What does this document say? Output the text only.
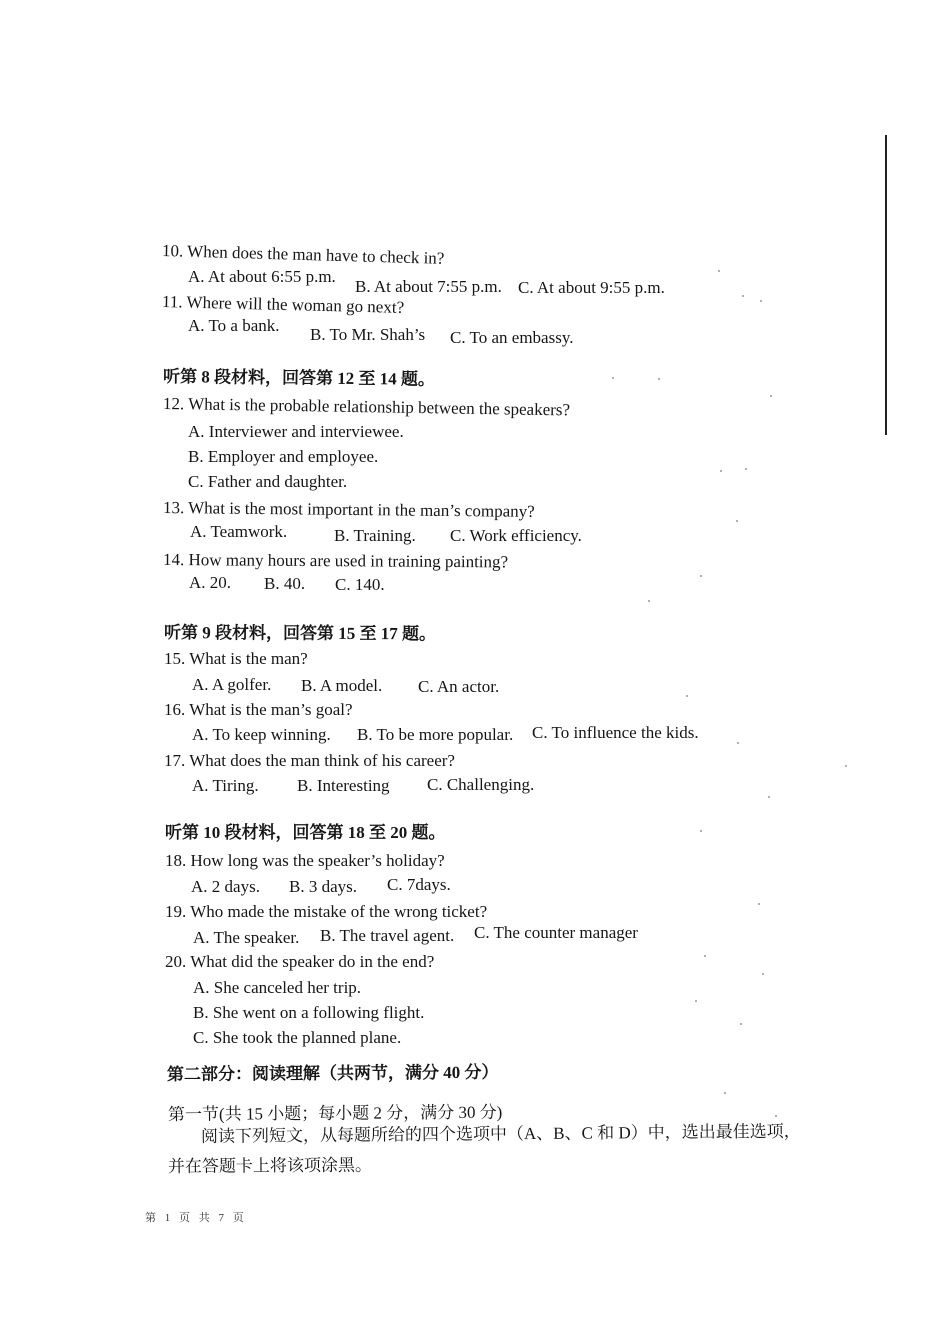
10. When does the man have to check in?
A. At about 6:55 p.m.
B. At about 7:55 p.m. C. At about 9:55 p.m.
11. Where will the woman go next?
A. To a bank. B. To Mr. Shah’s C. To an embassy.
听第 8 段材料，回答第 12 至 14 题。
12. What is the probable relationship between the speakers?
A. Interviewer and interviewee.
B. Employer and employee.
C. Father and daughter.
13. What is the most important in the man’s company?
A. Teamwork.	B. Training. C. Work efficiency.
14. How many hours are used in training painting?
A. 20. B. 40. C. 140.
听第 9 段材料，回答第 15 至 17 题。
15. What is the man?
A. A golfer. B. A model. C. An actor.
16. What is the man’s goal?
A. To keep winning. B. To be more popular. C. To influence the kids.
17. What does the man think of his career?
A. Tiring. B. Interesting C. Challenging.
听第 10 段材料，回答第 18 至 20 题。
18. How long was the speaker’s holiday?
A. 2 days. B. 3 days. C. 7days.
19. Who made the mistake of the wrong ticket?
A. The speaker. B. The travel agent. C. The counter manager
20. What did the speaker do in the end?
A. She canceled her trip.
B. She went on a following flight.
C. She took the planned plane.
第二部分：阅读理解（共两节，满分 40 分）
第一节(共 15 小题；每小题 2 分，满分 30 分)
阅读下列短文，从每题所给的四个选项中（A、B、C 和 D）中，选出最佳选项，
并在答题卡上将该项涂黑。
第 1 页 共 7 页
